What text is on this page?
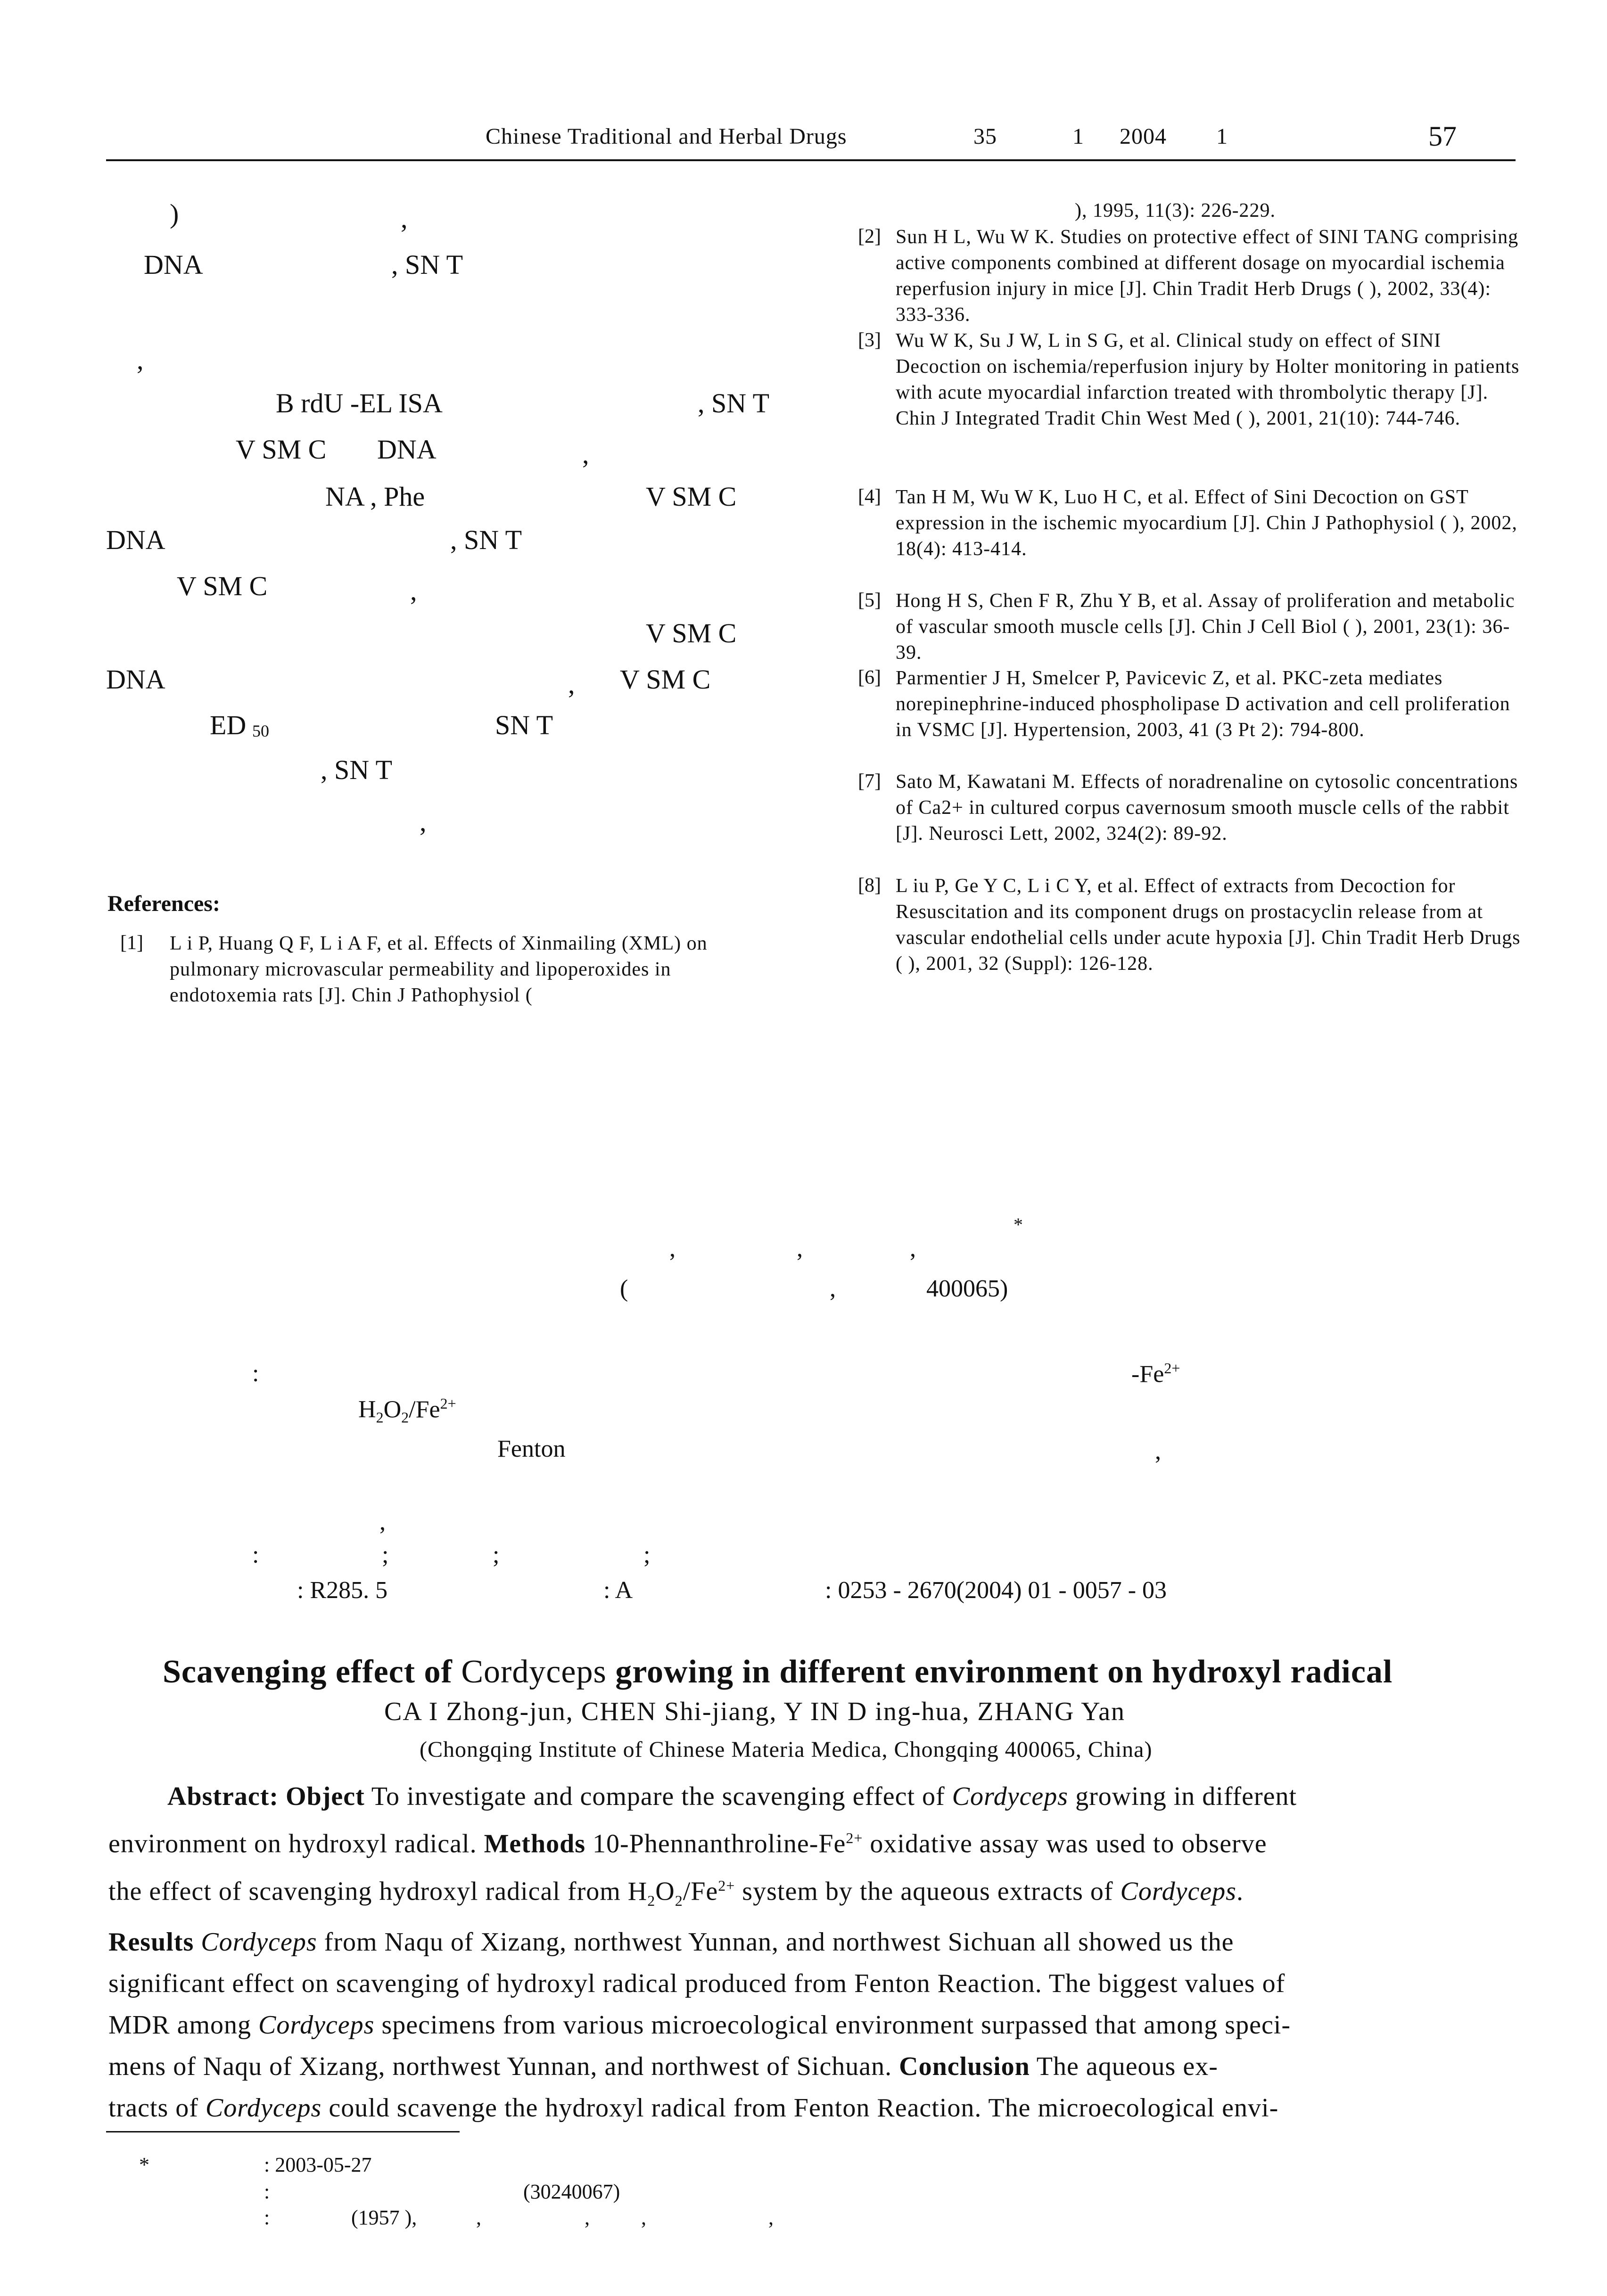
Chinese Traditional and Herbal Drugs	35	1 2004 1	57
)	,
DNA	, SN T
,
B rdU -EL ISA	, SN T
V SM C DNA	,
NA , Phe	V SM C
DNA	, SN T
V SM C	,
V SM C
DNA	, V SM C
ED 50	SN T
, SN T
,
References:
[1] L i P, Huang Q F, L i A F, et al. Effects of Xinmailing (XML) on pulmonary microvascular permeability and lipoperoxides in endotoxemia rats [J]. Chin J Pathophysiol (
), 1995, 11(3): 226-229.
[2] Sun H L, Wu W K. Studies on protective effect of SINI TANG comprising active components combined at different dosage on myocardial ischemia reperfusion injury in mice [J]. Chin Tradit Herb Drugs ( ), 2002, 33(4): 333-336.
[3] Wu W K, Su J W, L in S G, et al. Clinical study on effect of SINI Decoction on ischemia/reperfusion injury by Holter monitoring in patients with acute myocardial infarction treated with thrombolytic therapy [J]. Chin J Integrated Tradit Chin West Med ( ), 2001, 21(10): 744-746.
[4] Tan H M, Wu W K, Luo H C, et al. Effect of Sini Decoction on GST expression in the ischemic myocardium [J]. Chin J Pathophysiol ( ), 2002, 18(4): 413-414.
[5] Hong H S, Chen F R, Zhu Y B, et al. Assay of proliferation and metabolic of vascular smooth muscle cells [J]. Chin J Cell Biol ( ), 2001, 23(1): 36-39.
[6] Parmentier J H, Smelcer P, Pavicevic Z, et al. PKC-zeta mediates norepinephrine-induced phospholipase D activation and cell proliferation in VSMC [J]. Hypertension, 2003, 41 (3 Pt 2): 794-800.
[7] Sato M, Kawatani M. Effects of noradrenaline on cytosolic concentrations of Ca2+ in cultured corpus cavernosum smooth muscle cells of the rabbit [J]. Neurosci Lett, 2002, 324(2): 89-92.
[8] L iu P, Ge Y C, L i C Y, et al. Effect of extracts from Decoction for Resuscitation and its component drugs on prostacyclin release from at vascular endothelial cells under acute hypoxia [J]. Chin Tradit Herb Drugs ( ), 2001, 32 (Suppl): 126-128.
*
,	,	,
(	,	400065)
:	$-Fe^{2+}$
$H_2O_2/Fe^{2+}$
Fenton	,
,
:	;	;	;
: R285. 5	: A	: 0253 - 2670(2004) 01 - 0057 - 03
Scavenging effect of Cordyceps growing in different environment on hydroxyl radical
CA I Zhong-jun, CHEN Shi-jiang, Y IN D ing-hua, ZHANG Yan
(Chongqing Institute of Chinese Materia Medica, Chongqing 400065, China)
Abstract: Object To investigate and compare the scavenging effect of Cordyceps growing in different
environment on hydroxyl radical. Methods $10-Phennanthroline-Fe^{2+}$ oxidative assay was used to observe
the effect of scavenging hydroxyl radical from $H_2O_2/Fe^{2+}$ system by the aqueous extracts of Cordyceps.
Results Cordyceps from Naqu of Xizang, northwest Yunnan, and northwest Sichuan all showed us the
significant effect on scavenging of hydroxyl radical produced from Fenton Reaction. The biggest values of
MDR among Cordyceps specimens from various microecological environment surpassed that among speci-
mens of Naqu of Xizang, northwest Yunnan, and northwest of Sichuan. Conclusion The aqueous ex-
tracts of Cordyceps could scavenge the hydroxyl radical from Fenton Reaction. The microecological envi-
*	: 2003-05-27
:	(30240067)
:	(1957 ),	,	, ,	,
